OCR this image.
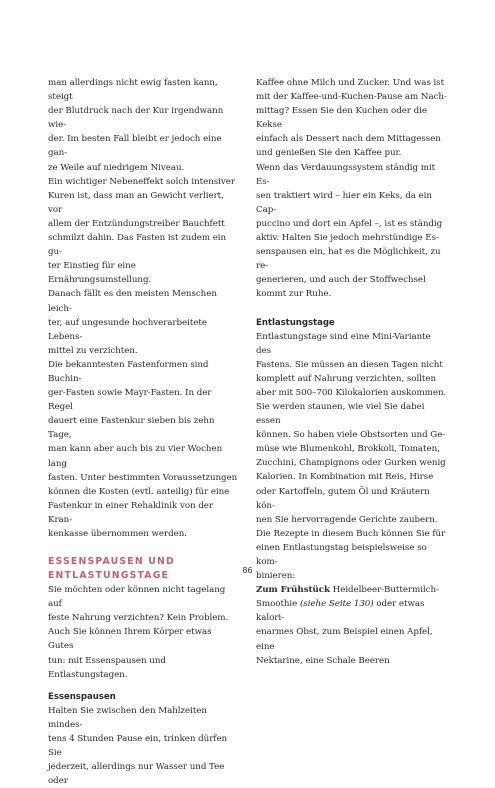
man allerdings nicht ewig fasten kann, steigt
der Blutdruck nach der Kur irgendwann wie-
der. Im besten Fall bleibt er jedoch eine gan-
ze Weile auf niedrigem Niveau.

Ein wichtiger Nebeneffekt solch intensiver
Kuren ist, dass man an Gewicht verliert, vor
allem der Entzündungstreiber Bauchfett
schmilzt dahin. Das Fasten ist zudem ein gu-
ter Einstieg für eine Ernährungsumstellung.
Danach fällt es den meisten Menschen leich-
ter, auf ungesunde hochverarbeitete Lebens-
mittel zu verzichten.

Die bekanntesten Fastenformen sind Buchin-
ger-Fasten sowie Mayr-Fasten. In der Regel
dauert eine Fastenkur sieben bis zehn Tage,
man kann aber auch bis zu vier Wochen lang
fasten. Unter bestimmten Voraussetzungen
können die Kosten (evtl. anteilig) für eine
Fastenkur in einer Rehaklinik von der Kran-
kenkasse übernommen werden.

ESSENSPAUSEN UND
ENTLASTUNGSTAGE

Sie möchten oder können nicht tagelang auf
feste Nahrung verzichten? Kein Problem.
Auch Sie können Ihrem Körper etwas Gutes
tun: mit Essenspausen und Entlastungstagen.

Essenspausen

Halten Sie zwischen den Mahlzeiten mindes-
tens 4 Stunden Pause ein, trinken dürfen Sie
jederzeit, allerdings nur Wasser und Tee oder

Kaffee ohne Milch und Zucker. Und was ist
mit der Kaffee-und-Kuchen-Pause am Nach-
mittag? Essen Sie den Kuchen oder die Kekse
einfach als Dessert nach dem Mittagessen
und genießen Sie den Kaffee pur.

Wenn das Verdauungssystem ständig mit Es-
sen traktiert wird – hier ein Keks, da ein Cap-
puccino und dort ein Apfel –, ist es ständig
aktiv. Halten Sie jedoch mehrstündige Es-
senspausen ein, hat es die Möglichkeit, zu re-
generieren, und auch der Stoffwechsel
kommt zur Ruhe.

Entlastungstage

Entlastungstage sind eine Mini-Variante des
Fastens. Sie müssen an diesen Tagen nicht
komplett auf Nahrung verzichten, sollten
aber mit 500–700 Kilokalorien auskommen.
Sie werden staunen, wie viel Sie dabei essen
können. So haben viele Obstsorten und Ge-
müse wie Blumenkohl, Brokkoli, Tomaten,
Zucchini, Champignons oder Gurken wenig
Kalorien. In Kombination mit Reis, Hirse
oder Kartoffeln, gutem Öl und Kräutern kön-
nen Sie hervorragende Gerichte zaubern.
Die Rezepte in diesem Buch können Sie für
einen Entlastungstag beispielsweise so kom-
binieren:

Zum Frühstück Heidelbeer-Buttermilch-
Smoothie (siehe Seite 130) oder etwas kalori-
enarmes Obst, zum Beispiel einen Apfel, eine
Nektarine, eine Schale Beeren

86
